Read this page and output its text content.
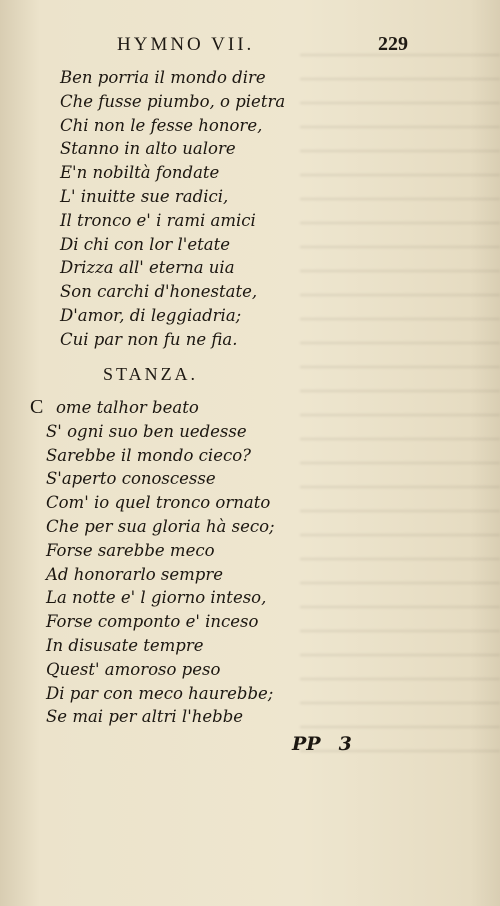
HYMNO VII.	229
Ben porria il mondo dire
Che fusse piumbo, o pietra
Chi non le fesse honore,
Stanno in alto ualore
E'n nobiltà fondate
L' inuitte sue radici,
Il tronco e' i rami amici
Di chi con lor l'etate
Drizza all' eterna uia
Son carchi d'honestate,
D'amor, di leggiadria;
Cui par non fu ne fia.
STANZA.
C ome talhor beato
S' ogni suo ben uedesse
Sarebbe il mondo cieco?
S'aperto conoscesse
Com' io quel tronco ornato
Che per sua gloria hà seco;
Forse sarebbe meco
Ad honorarlo sempre
La notte e' l giorno inteso,
Forse componto e' inceso
In disusate tempre
Quest' amoroso peso
Di par con meco haurebbe;
Se mai per altri l'hebbe
PP 3
